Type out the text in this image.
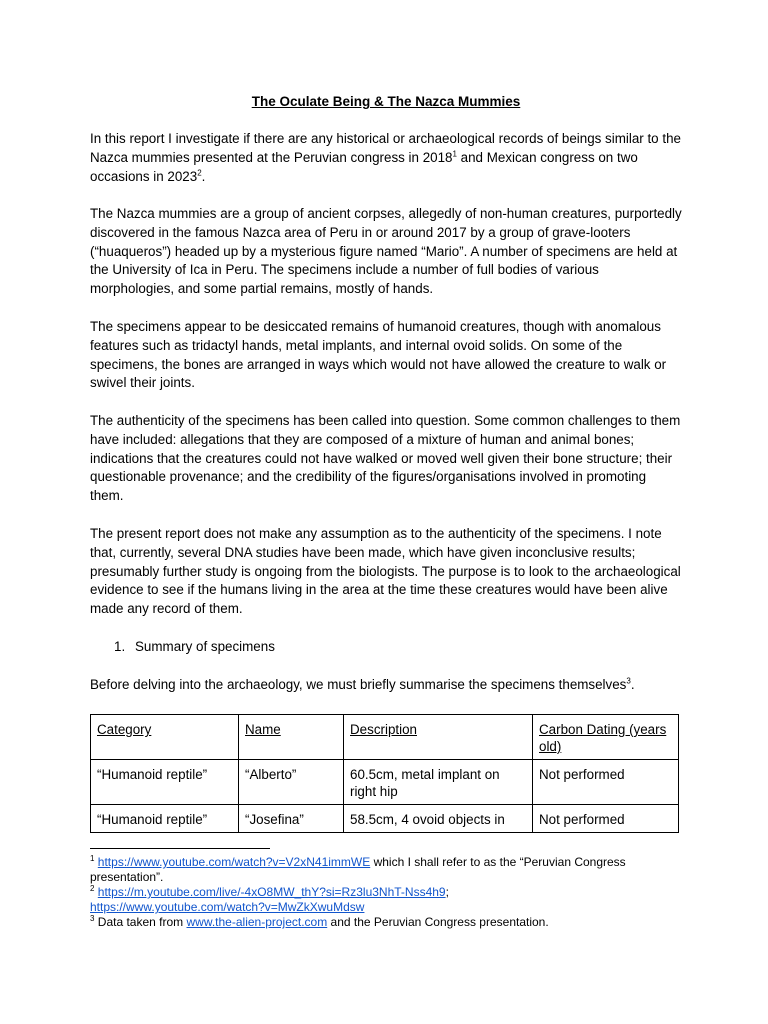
The Oculate Being & The Nazca Mummies

In this report I investigate if there are any historical or archaeological records of beings similar to the Nazca mummies presented at the Peruvian congress in 2018$^1$ and Mexican congress on two occasions in 2023$^2$.

The Nazca mummies are a group of ancient corpses, allegedly of non-human creatures, purportedly discovered in the famous Nazca area of Peru in or around 2017 by a group of grave-looters (“huaqueros”) headed up by a mysterious figure named “Mario”. A number of specimens are held at the University of Ica in Peru. The specimens include a number of full bodies of various morphologies, and some partial remains, mostly of hands.

The specimens appear to be desiccated remains of humanoid creatures, though with anomalous features such as tridactyl hands, metal implants, and internal ovoid solids. On some of the specimens, the bones are arranged in ways which would not have allowed the creature to walk or swivel their joints.

The authenticity of the specimens has been called into question. Some common challenges to them have included: allegations that they are composed of a mixture of human and animal bones; indications that the creatures could not have walked or moved well given their bone structure; their questionable provenance; and the credibility of the figures/organisations involved in promoting them.

The present report does not make any assumption as to the authenticity of the specimens. I note that, currently, several DNA studies have been made, which have given inconclusive results; presumably further study is ongoing from the biologists. The purpose is to look to the archaeological evidence to see if the humans living in the area at the time these creatures would have been alive made any record of them.

1. Summary of specimens

Before delving into the archaeology, we must briefly summarise the specimens themselves$^3$.

Category	Name	Description	Carbon Dating (years old)
“Humanoid reptile”	“Alberto”	60.5cm, metal implant on right hip	Not performed
“Humanoid reptile”	“Josefina”	58.5cm, 4 ovoid objects in	Not performed
$^1$ https://www.youtube.com/watch?v=V2xN41immWE which I shall refer to as the “Peruvian Congress presentation”.
$^2$ https://m.youtube.com/live/-4xO8MW_thY?si=Rz3lu3NhT-Nss4h9;
https://www.youtube.com/watch?v=MwZkXwuMdsw
$^3$ Data taken from www.the-alien-project.com and the Peruvian Congress presentation.
